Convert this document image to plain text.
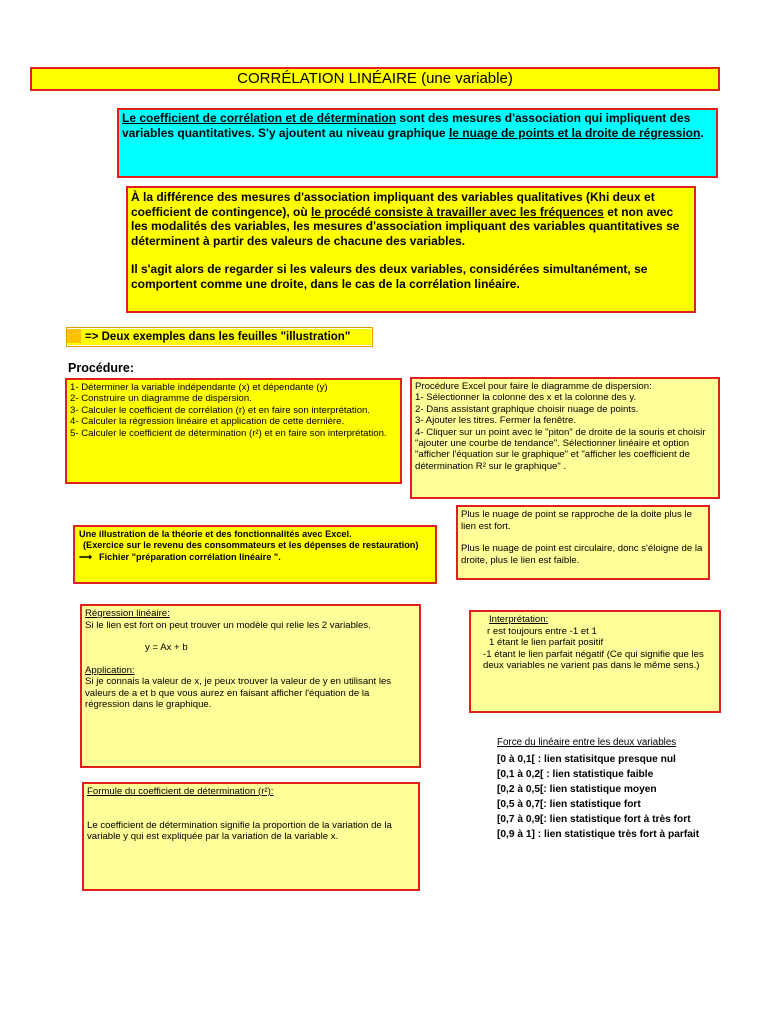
CORRÉLATION LINÉAIRE (une variable)
Le coefficient de corrélation et de détermination sont des mesures d'association qui impliquent des variables quantitatives. S'y ajoutent au niveau graphique le nuage de points et la droite de régression.

À la différence des mesures d'association impliquant des variables qualitatives (Khi deux et coefficient de contingence), où le procédé consiste à travailler avec les fréquences et non avec les modalités des variables, les mesures d'association impliquant des variables quantitatives se déterminent à partir des valeurs de chacune des variables.

Il s'agit alors de regarder si les valeurs des deux variables, considérées simultanément, se comportent comme une droite, dans le cas de la corrélation linéaire.

=> Deux exemples dans les feuilles "illustration"
Procédure:

1- Déterminer la variable indépendante (x) et dépendante (y)

2- Construire un diagramme de dispersion.

3- Calculer le coefficient de corrélation (r) et en faire son interprétation.

4- Calculer la régression linéaire et application de cette dernière.

5- Calculer le coefficient de détermination (r²) et en faire son interprétation.

Procédure Excel pour faire le diagramme de dispersion:

1- Sélectionner la colonne des x et la colonne des y.

2- Dans assistant graphique choisir nuage de points.

3- Ajouter les titres. Fermer la fenêtre.

4- Cliquer sur un point avec le "piton" de droite de la souris et choisir "ajouter une courbe de tendance". Sélectionner linéaire et option "afficher l'équation sur le graphique" et "afficher les coefficient de détermination R² sur le graphique" .

Plus le nuage de point se rapproche de la doite plus le lien est fort.

Plus le nuage de point est circulaire, donc s'éloigne de la droite, plus le lien est faible.

Une illustration de la théorie et des fonctionnalités avec Excel.

(Exercice sur le revenu des consommateurs et les dépenses de restauration)

⟶ Fichier "préparation corrélation linéaire ".

Régression linéaire:

Si le lien est fort on peut trouver un modèle qui relie les 2 variables.

y = Ax + b

Application:

Si je connais la valeur de x, je peux trouver la valeur de y en utilisant les valeurs de a et b que vous aurez en faisant afficher l'équation de la régression dans le graphique.

Interprétation:

r est toujours entre -1 et 1

1 étant le lien parfait positif

-1 étant le lien parfait négatif (Ce qui signifie que les deux variables ne varient pas dans le même sens.)

Formule du coefficient de détermination (r²):

Le coefficient de détermination signifie la proportion de la variation de la variable y qui est expliquée par la variation de la variable x.

Force du linéaire entre les deux variables
[0 à 0,1[ : lien statisitque presque nul
[0,1 à 0,2[ : lien statistique faible
[0,2 à 0,5[: lien statistique moyen
[0,5 à 0,7[: lien statistique fort
[0,7 à 0,9[: lien statistique fort à très fort
[0,9 à 1] : lien statistique très fort à parfait
